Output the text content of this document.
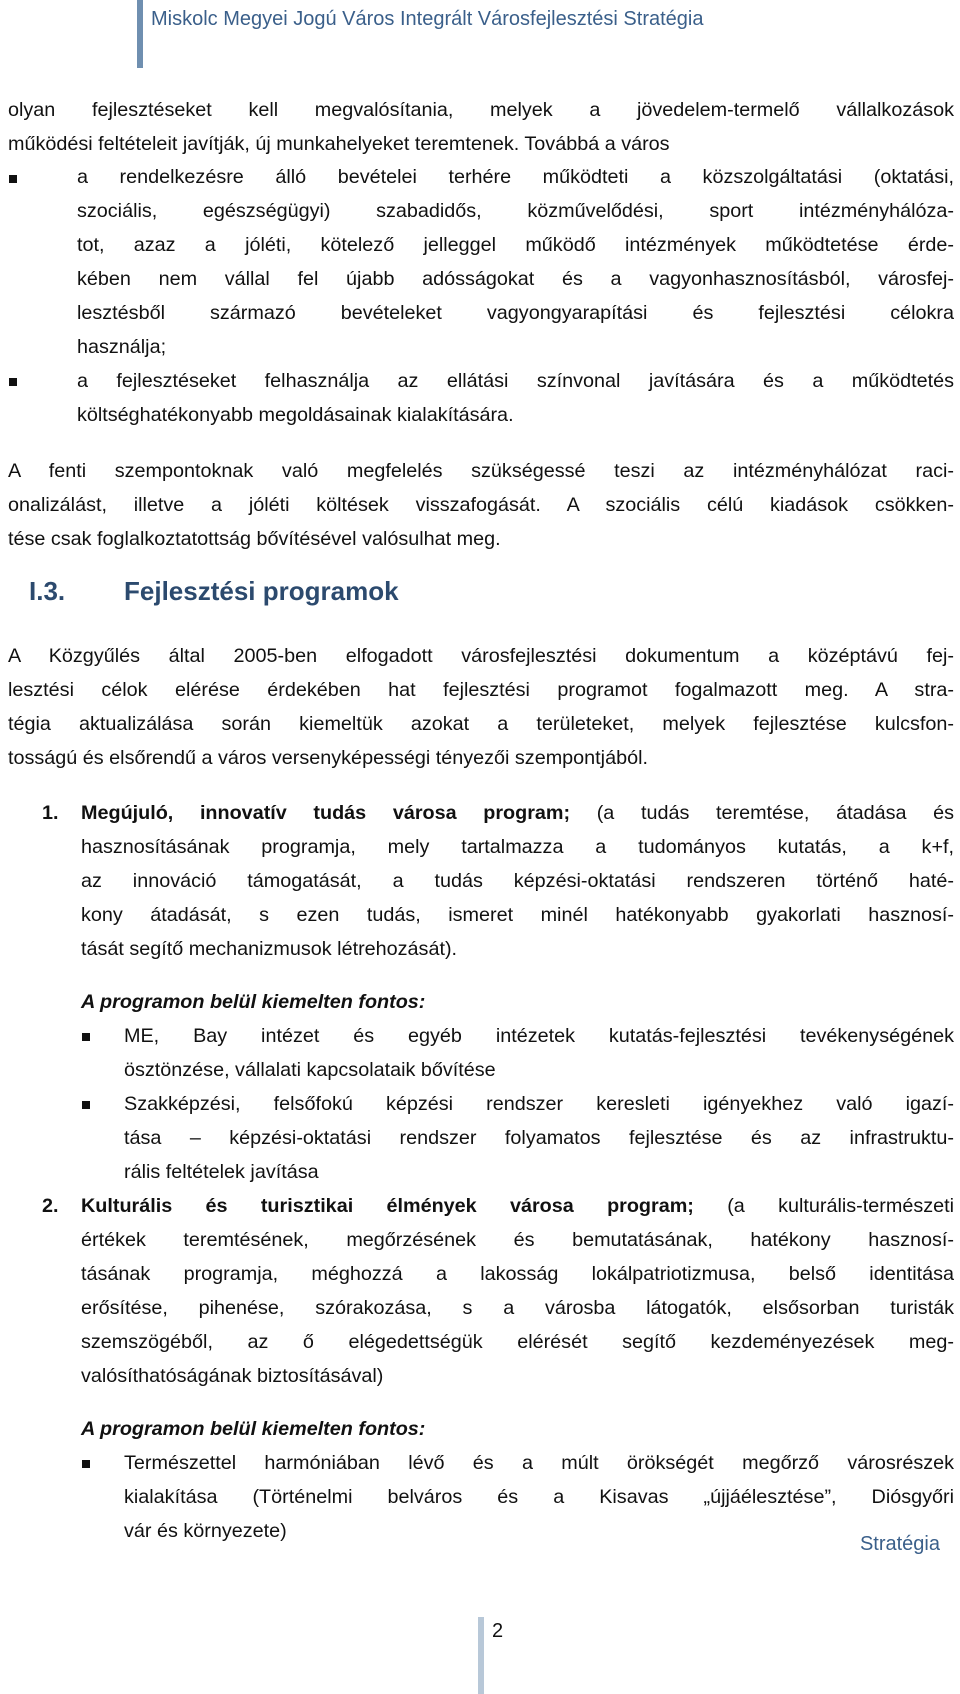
Miskolc Megyei Jogú Város Integrált Városfejlesztési Stratégia
olyan fejlesztéseket kell megvalósítania, melyek a jövedelem-termelő vállalkozások
működési feltételeit javítják, új munkahelyeket teremtenek. Továbbá a város
a rendelkezésre álló bevételei terhére működteti a közszolgáltatási (oktatási,
szociális, egészségügyi) szabadidős, közművelődési, sport intézményhálóza-
tot, azaz a jóléti, kötelező jelleggel működő intézmények működtetése érde-
kében nem vállal fel újabb adósságokat és a vagyonhasznosításból, városfej-
lesztésből származó bevételeket vagyongyarapítási és fejlesztési célokra
használja;
a fejlesztéseket felhasználja az ellátási színvonal javítására és a működtetés
költséghatékonyabb megoldásainak kialakítására.
A fenti szempontoknak való megfelelés szükségessé teszi az intézményhálózat raci-
onalizálást, illetve a jóléti költések visszafogását. A szociális célú kiadások csökken-
tése csak foglalkoztatottság bővítésével valósulhat meg.
I.3. Fejlesztési programok
A Közgyűlés által 2005-ben elfogadott városfejlesztési dokumentum a középtávú fej-
lesztési célok elérése érdekében hat fejlesztési programot fogalmazott meg. A stra-
tégia aktualizálása során kiemeltük azokat a területeket, melyek fejlesztése kulcsfon-
tosságú és elsőrendű a város versenyképességi tényezői szempontjából.
1. Megújuló, innovatív tudás városa program; (a tudás teremtése, átadása és
hasznosításának programja, mely tartalmazza a tudományos kutatás, a k+f,
az innováció támogatását, a tudás képzési-oktatási rendszeren történő haté-
kony átadását, s ezen tudás, ismeret minél hatékonyabb gyakorlati hasznosí-
tását segítő mechanizmusok létrehozását).
A programon belül kiemelten fontos:
ME, Bay intézet és egyéb intézetek kutatás-fejlesztési tevékenységének
ösztönzése, vállalati kapcsolataik bővítése
Szakképzési, felsőfokú képzési rendszer keresleti igényekhez való igazí-
tása – képzési-oktatási rendszer folyamatos fejlesztése és az infrastruktu-
rális feltételek javítása
2. Kulturális és turisztikai élmények városa program; (a kulturális-természeti
értékek teremtésének, megőrzésének és bemutatásának, hatékony hasznosí-
tásának programja, méghozzá a lakosság lokálpatriotizmusa, belső identitása
erősítése, pihenése, szórakozása, s a városba látogatók, elsősorban turisták
szemszögéből, az ő elégedettségük elérését segítő kezdeményezések meg-
valósíthatóságának biztosításával)
A programon belül kiemelten fontos:
Természettel harmóniában lévő és a múlt örökségét megőrző városrészek
kialakítása (Történelmi belváros és a Kisavas „újjáélesztése”, Diósgyőri
vár és környezete)
Stratégia
2
